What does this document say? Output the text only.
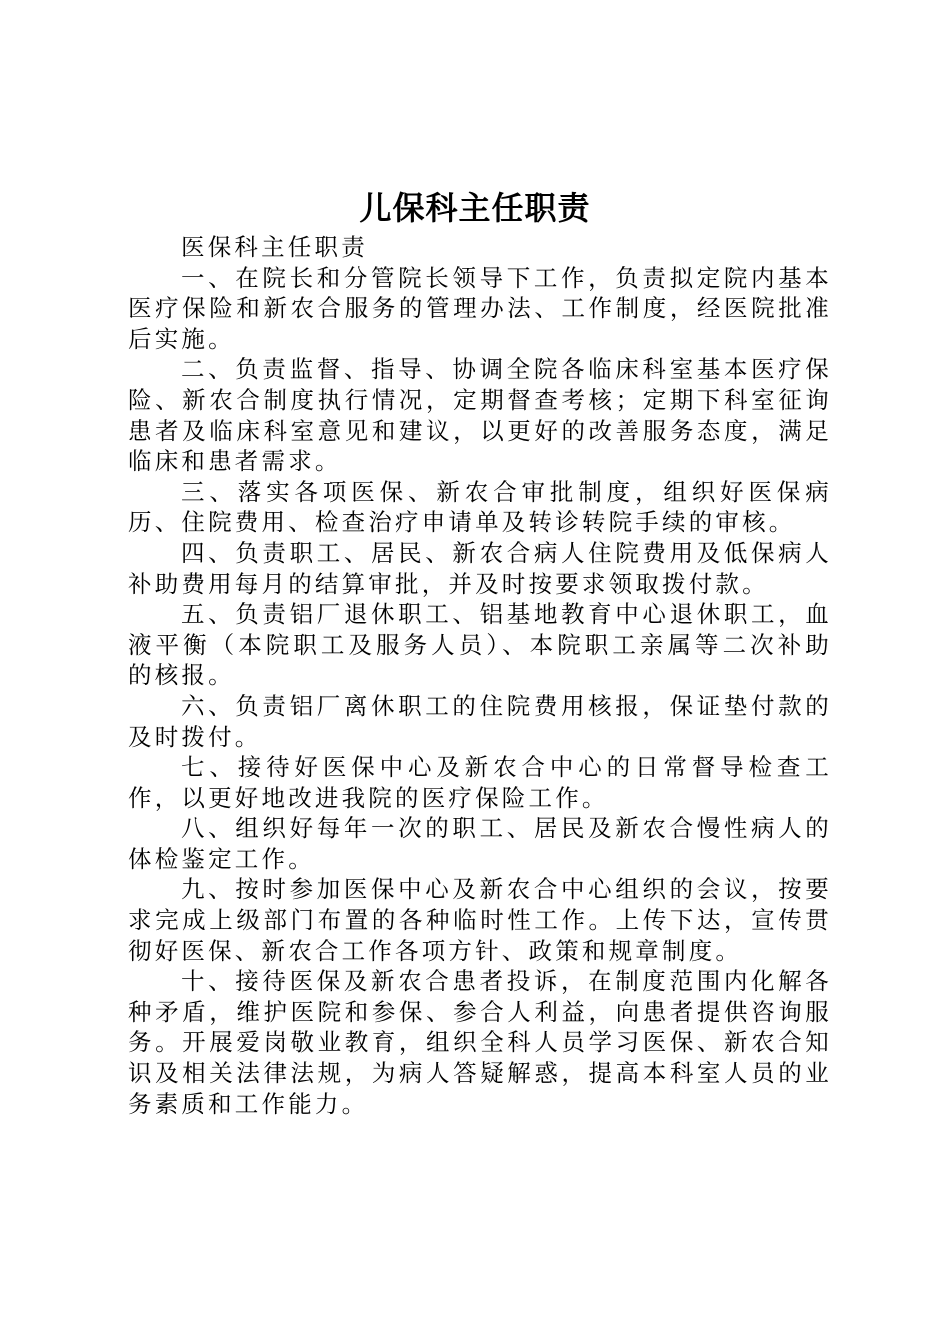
儿保科主任职责

医保科主任职责

一、在院长和分管院长领导下工作，负责拟定院内基本医疗保险和新农合服务的管理办法、工作制度，经医院批准后实施。

二、负责监督、指导、协调全院各临床科室基本医疗保险、新农合制度执行情况，定期督查考核；定期下科室征询患者及临床科室意见和建议，以更好的改善服务态度，满足临床和患者需求。

三、落实各项医保、新农合审批制度，组织好医保病历、住院费用、检查治疗申请单及转诊转院手续的审核。

四、负责职工、居民、新农合病人住院费用及低保病人补助费用每月的结算审批，并及时按要求领取拨付款。

五、负责铝厂退休职工、铝基地教育中心退休职工，血液平衡（本院职工及服务人员）、本院职工亲属等二次补助的核报。

六、负责铝厂离休职工的住院费用核报，保证垫付款的及时拨付。

七、接待好医保中心及新农合中心的日常督导检查工作，以更好地改进我院的医疗保险工作。

八、组织好每年一次的职工、居民及新农合慢性病人的体检鉴定工作。

九、按时参加医保中心及新农合中心组织的会议，按要求完成上级部门布置的各种临时性工作。上传下达，宣传贯彻好医保、新农合工作各项方针、政策和规章制度。

十、接待医保及新农合患者投诉，在制度范围内化解各种矛盾，维护医院和参保、参合人利益，向患者提供咨询服务。开展爱岗敬业教育，组织全科人员学习医保、新农合知识及相关法律法规，为病人答疑解惑，提高本科室人员的业务素质和工作能力。
